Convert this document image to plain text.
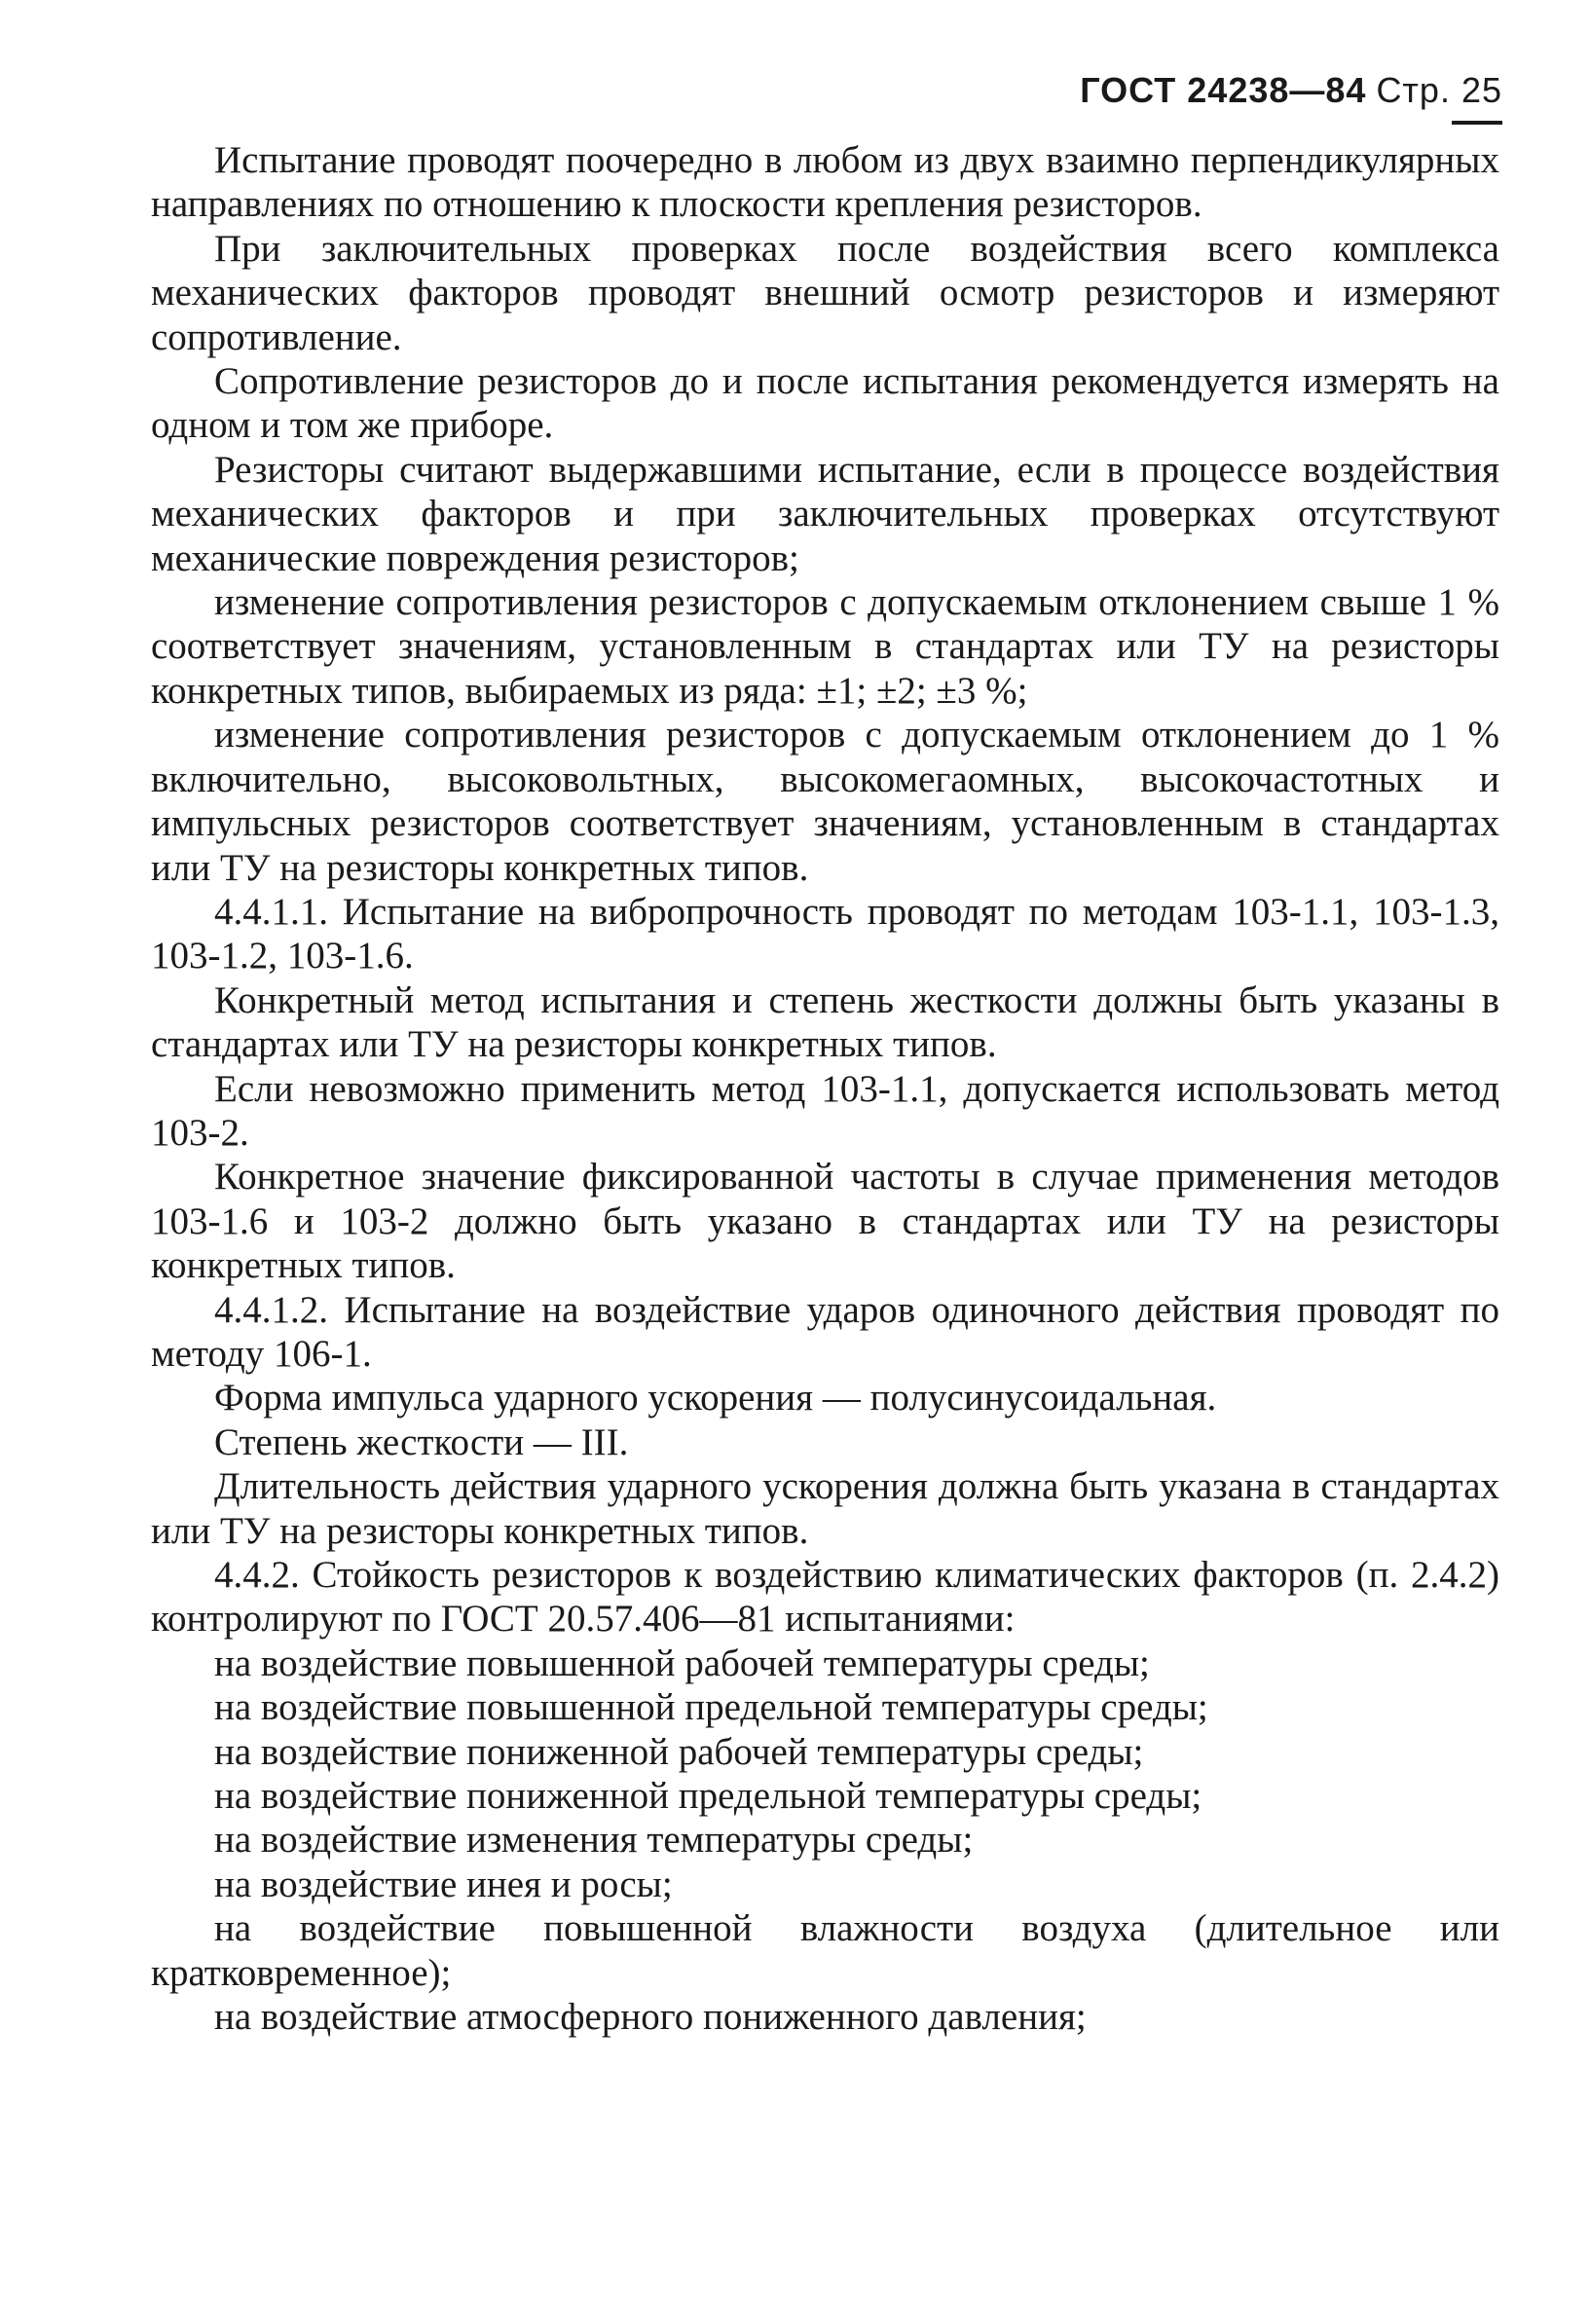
ГОСТ 24238—84 Стр. 25

Испытание проводят поочередно в любом из двух взаимно перпендикулярных направлениях по отношению к плоскости крепления резисторов.

При заключительных проверках после воздействия всего комплекса механических факторов проводят внешний осмотр резисторов и измеряют сопротивление.

Сопротивление резисторов до и после испытания рекомендуется измерять на одном и том же приборе.

Резисторы считают выдержавшими испытание, если в процессе воздействия механических факторов и при заключительных проверках отсутствуют механические повреждения резисторов;

изменение сопротивления резисторов с допускаемым отклонением свыше 1 % соответствует значениям, установленным в стандартах или ТУ на резисторы конкретных типов, выбираемых из ряда: ±1; ±2; ±3 %;

изменение сопротивления резисторов с допускаемым отклонением до 1 % включительно, высоковольтных, высокомегаомных, высокочастотных и импульсных резисторов соответствует значениям, установленным в стандартах или ТУ на резисторы конкретных типов.

4.4.1.1. Испытание на вибропрочность проводят по методам 103-1.1, 103-1.3, 103-1.2, 103-1.6.

Конкретный метод испытания и степень жесткости должны быть указаны в стандартах или ТУ на резисторы конкретных типов.

Если невозможно применить метод 103-1.1, допускается использовать метод 103-2.

Конкретное значение фиксированной частоты в случае применения методов 103-1.6 и 103-2 должно быть указано в стандартах или ТУ на резисторы конкретных типов.

4.4.1.2. Испытание на воздействие ударов одиночного действия проводят по методу 106-1.

Форма импульса ударного ускорения — полусинусоидальная.

Степень жесткости — III.

Длительность действия ударного ускорения должна быть указана в стандартах или ТУ на резисторы конкретных типов.

4.4.2. Стойкость резисторов к воздействию климатических факторов (п. 2.4.2) контролируют по ГОСТ 20.57.406—81 испытаниями:

на воздействие повышенной рабочей температуры среды;

на воздействие повышенной предельной температуры среды;

на воздействие пониженной рабочей температуры среды;

на воздействие пониженной предельной температуры среды;

на воздействие изменения температуры среды;

на воздействие инея и росы;

на воздействие повышенной влажности воздуха (длительное или кратковременное);

на воздействие атмосферного пониженного давления;
